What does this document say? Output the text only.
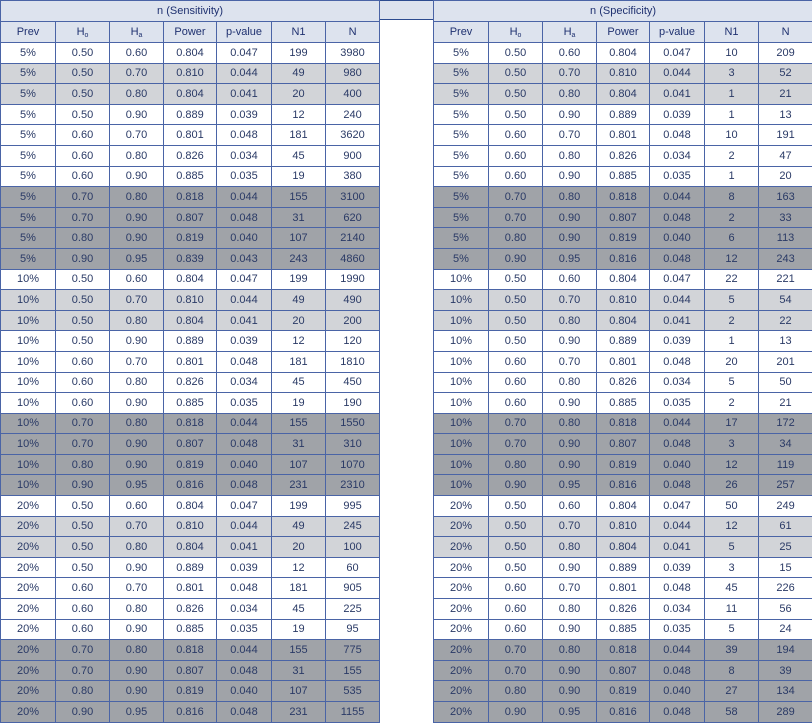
n (Sensitivity)						
Prev	$H_o$	$H_a$	Power	p-value	N1	N
5%	0.50	0.60	0.804	0.047	199	3980
5%	0.50	0.70	0.810	0.044	49	980
5%	0.50	0.80	0.804	0.041	20	400
5%	0.50	0.90	0.889	0.039	12	240
5%	0.60	0.70	0.801	0.048	181	3620
5%	0.60	0.80	0.826	0.034	45	900
5%	0.60	0.90	0.885	0.035	19	380
5%	0.70	0.80	0.818	0.044	155	3100
5%	0.70	0.90	0.807	0.048	31	620
5%	0.80	0.90	0.819	0.040	107	2140
5%	0.90	0.95	0.839	0.043	243	4860
10%	0.50	0.60	0.804	0.047	199	1990
10%	0.50	0.70	0.810	0.044	49	490
10%	0.50	0.80	0.804	0.041	20	200
10%	0.50	0.90	0.889	0.039	12	120
10%	0.60	0.70	0.801	0.048	181	1810
10%	0.60	0.80	0.826	0.034	45	450
10%	0.60	0.90	0.885	0.035	19	190
10%	0.70	0.80	0.818	0.044	155	1550
10%	0.70	0.90	0.807	0.048	31	310
10%	0.80	0.90	0.819	0.040	107	1070
10%	0.90	0.95	0.816	0.048	231	2310
20%	0.50	0.60	0.804	0.047	199	995
20%	0.50	0.70	0.810	0.044	49	245
20%	0.50	0.80	0.804	0.041	20	100
20%	0.50	0.90	0.889	0.039	12	60
20%	0.60	0.70	0.801	0.048	181	905
20%	0.60	0.80	0.826	0.034	45	225
20%	0.60	0.90	0.885	0.035	19	95
20%	0.70	0.80	0.818	0.044	155	775
20%	0.70	0.90	0.807	0.048	31	155
20%	0.80	0.90	0.819	0.040	107	535
20%	0.90	0.95	0.816	0.048	231	1155
n (Specificity)						
Prev	$H_o$	$H_a$	Power	p-value	N1	N
5%	0.50	0.60	0.804	0.047	10	209
5%	0.50	0.70	0.810	0.044	3	52
5%	0.50	0.80	0.804	0.041	1	21
5%	0.50	0.90	0.889	0.039	1	13
5%	0.60	0.70	0.801	0.048	10	191
5%	0.60	0.80	0.826	0.034	2	47
5%	0.60	0.90	0.885	0.035	1	20
5%	0.70	0.80	0.818	0.044	8	163
5%	0.70	0.90	0.807	0.048	2	33
5%	0.80	0.90	0.819	0.040	6	113
5%	0.90	0.95	0.816	0.048	12	243
10%	0.50	0.60	0.804	0.047	22	221
10%	0.50	0.70	0.810	0.044	5	54
10%	0.50	0.80	0.804	0.041	2	22
10%	0.50	0.90	0.889	0.039	1	13
10%	0.60	0.70	0.801	0.048	20	201
10%	0.60	0.80	0.826	0.034	5	50
10%	0.60	0.90	0.885	0.035	2	21
10%	0.70	0.80	0.818	0.044	17	172
10%	0.70	0.90	0.807	0.048	3	34
10%	0.80	0.90	0.819	0.040	12	119
10%	0.90	0.95	0.816	0.048	26	257
20%	0.50	0.60	0.804	0.047	50	249
20%	0.50	0.70	0.810	0.044	12	61
20%	0.50	0.80	0.804	0.041	5	25
20%	0.50	0.90	0.889	0.039	3	15
20%	0.60	0.70	0.801	0.048	45	226
20%	0.60	0.80	0.826	0.034	11	56
20%	0.60	0.90	0.885	0.035	5	24
20%	0.70	0.80	0.818	0.044	39	194
20%	0.70	0.90	0.807	0.048	8	39
20%	0.80	0.90	0.819	0.040	27	134
20%	0.90	0.95	0.816	0.048	58	289
